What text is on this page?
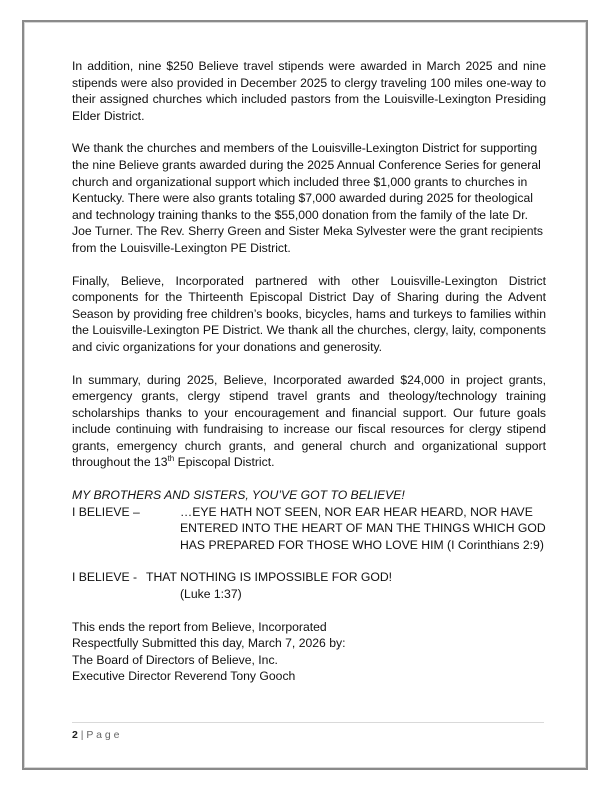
In addition, nine $250 Believe travel stipends were awarded in March 2025 and nine stipends were also provided in December 2025 to clergy traveling 100 miles one-way to their assigned churches which included pastors from the Louisville-Lexington Presiding Elder District.

We thank the churches and members of the Louisville-Lexington District for supporting the nine Believe grants awarded during the 2025 Annual Conference Series for general church and organizational support which included three $1,000 grants to churches in Kentucky. There were also grants totaling $7,000 awarded during 2025 for theological and technology training thanks to the $55,000 donation from the family of the late Dr. Joe Turner. The Rev. Sherry Green and Sister Meka Sylvester were the grant recipients from the Louisville-Lexington PE District.

Finally, Believe, Incorporated partnered with other Louisville-Lexington District components for the Thirteenth Episcopal District Day of Sharing during the Advent Season by providing free children’s books, bicycles, hams and turkeys to families within the Louisville-Lexington PE District. We thank all the churches, clergy, laity, components and civic organizations for your donations and generosity.

In summary, during 2025, Believe, Incorporated awarded $24,000 in project grants, emergency grants, clergy stipend travel grants and theology/technology training scholarships thanks to your encouragement and financial support. Our future goals include continuing with fundraising to increase our fiscal resources for clergy stipend grants, emergency church grants, and general church and organizational support throughout the 13th Episcopal District.

MY BROTHERS AND SISTERS, YOU’VE GOT TO BELIEVE!
I BELIEVE –	…EYE HATH NOT SEEN, NOR EAR HEAR HEARD, NOR HAVE
ENTERED INTO THE HEART OF MAN THE THINGS WHICH GOD
HAS PREPARED FOR THOSE WHO LOVE HIM (I Corinthians 2:9)
I BELIEVE - THAT NOTHING IS IMPOSSIBLE FOR GOD!
(Luke 1:37)
This ends the report from Believe, Incorporated
Respectfully Submitted this day, March 7, 2026 by:
The Board of Directors of Believe, Inc.
Executive Director Reverend Tony Gooch
2 | P a g e
